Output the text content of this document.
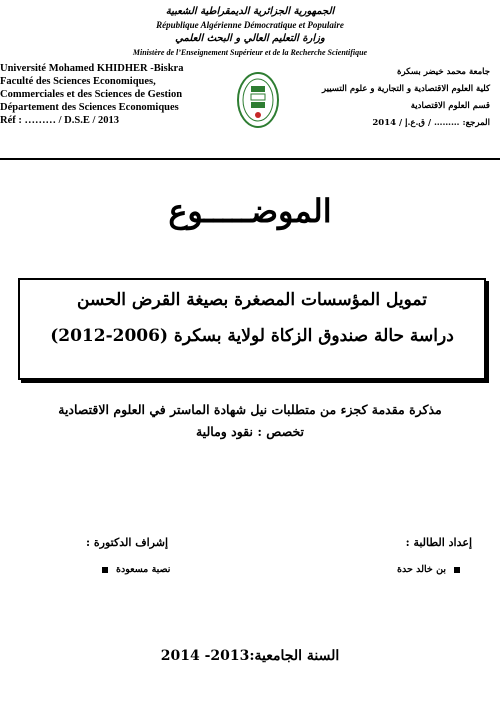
الجمهورية الجزائرية الديمقراطية الشعبية
République Algérienne Démocratique et Populaire
وزارة التعليم العالي و البحث العلمي
Ministère de l’Enseignement Supérieur et de la Recherche Scientifique
Université Mohamed KHIDHER -Biskra
Faculté des Sciences Economiques,
Commerciales et des Sciences de Gestion
Département des Sciences Economiques
Réf : ……… / D.S.E / 2013
جامعة محمد خيضر بسكرة
كلية العلوم الاقتصادية و التجارية و علوم التسيير
قسم العلوم الاقتصادية
المرجع: ……… / ق.ع.إ / 2014
الموضـــــوع
تمويل المؤسسات المصغرة بصيغة القرض الحسن
دراسة حالة صندوق الزكاة لولاية بسكرة (2006-2012)
مذكرة مقدمة كجزء من متطلبات نيل شهادة الماستر في العلوم الاقتصادية
تخصص : نقود ومالية
إعداد الطالبة :
إشراف الدكتورة :
بن خالد حدة
نصبة مسعودة
السنة الجامعية:2013- 2014
